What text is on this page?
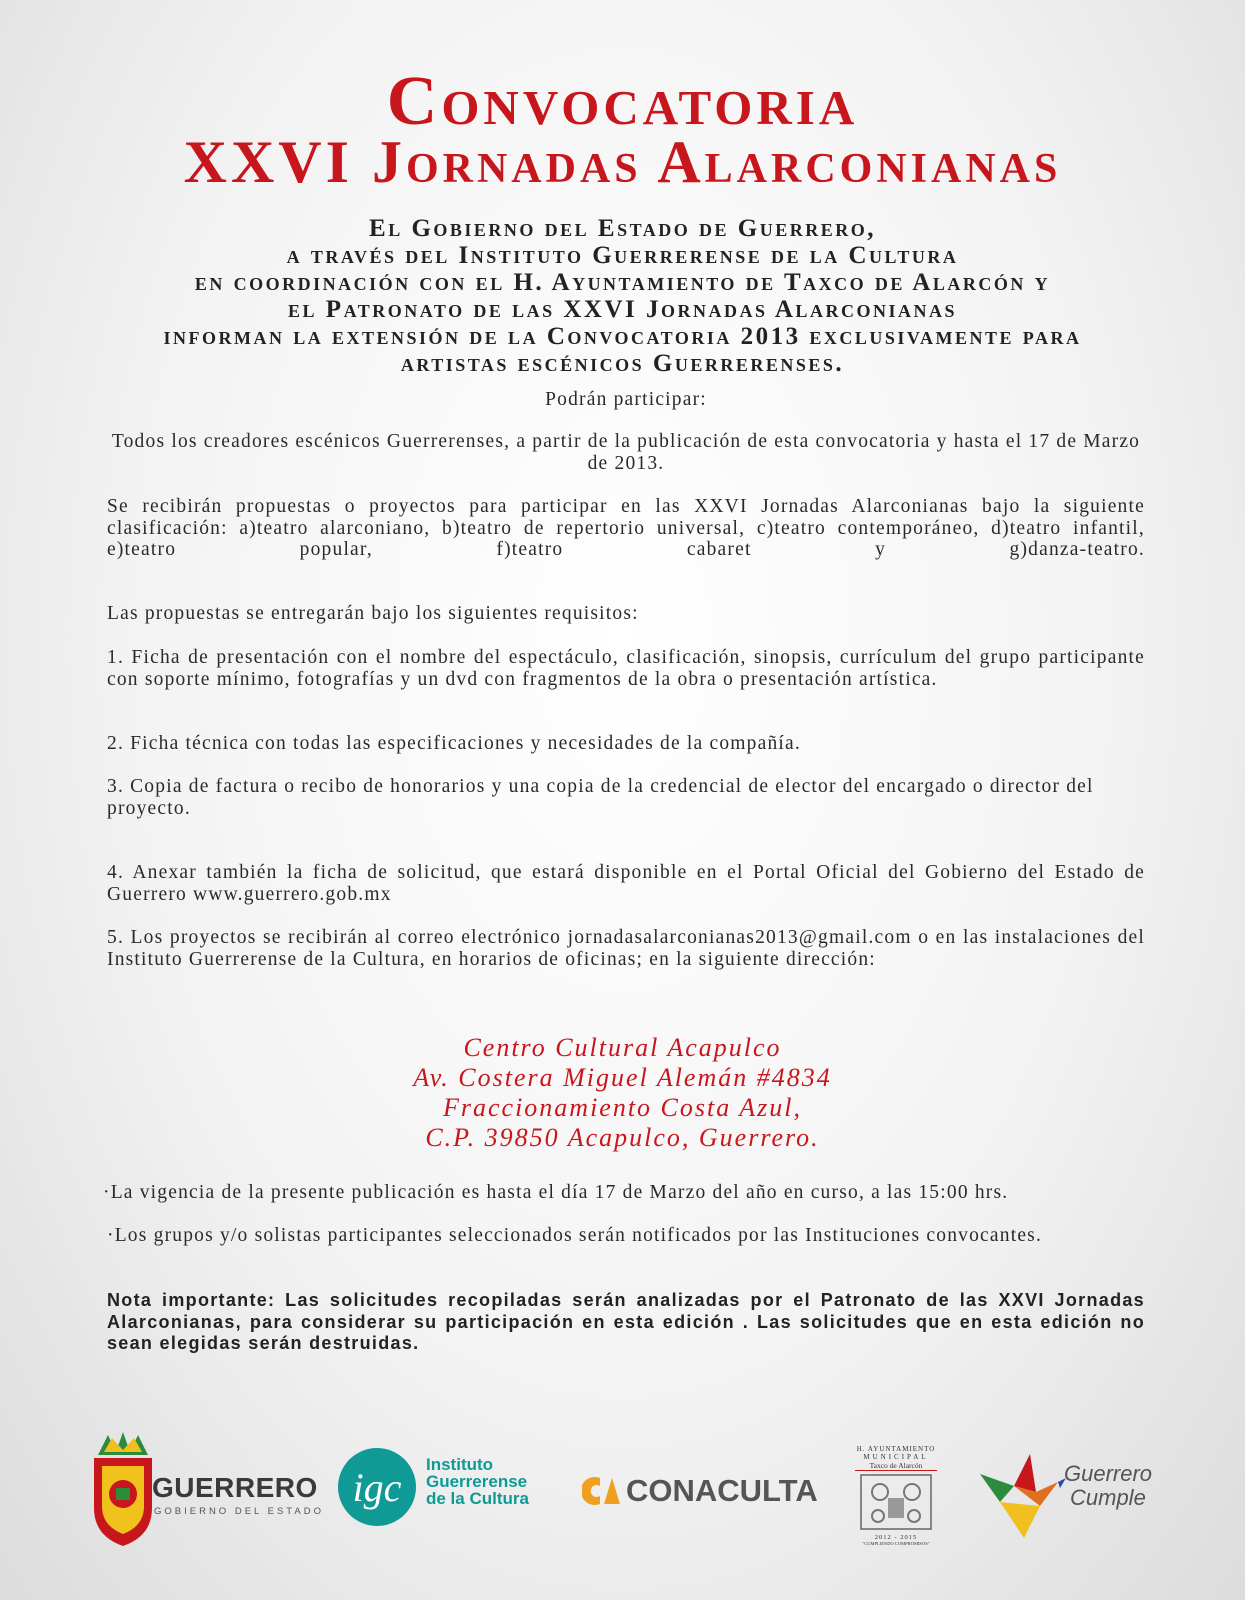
Convocatoria
XXVI Jornadas Alarconianas
El Gobierno del Estado de Guerrero,
a través del Instituto Guerrerense de la Cultura
en coordinación con el H. Ayuntamiento de Taxco de Alarcón y
el Patronato de las XXVI Jornadas Alarconianas
informan la extensión de la Convocatoria 2013 exclusivamente para
artistas escénicos Guerrerenses.
Podrán participar:
Todos los creadores escénicos Guerrerenses, a partir de la publicación de esta convocatoria y hasta el 17 de Marzo de 2013.
Se recibirán propuestas o proyectos para participar en las XXVI Jornadas Alarconianas bajo la siguiente clasificación: a)teatro alarconiano, b)teatro de repertorio universal, c)teatro contemporáneo, d)teatro infantil, e)teatro popular, f)teatro cabaret y g)danza-teatro.
Las propuestas se entregarán bajo los siguientes requisitos:
1. Ficha de presentación con el nombre del espectáculo, clasificación, sinopsis, currículum del grupo participante con soporte mínimo, fotografías y un dvd con fragmentos de la obra o presentación artística.
2. Ficha técnica con todas las especificaciones y necesidades de la compañía.
3. Copia de factura o recibo de honorarios y una copia de la credencial de elector del encargado o director del
proyecto.
4. Anexar también la ficha de solicitud, que estará disponible en el Portal Oficial del Gobierno del Estado de Guerrero www.guerrero.gob.mx
5. Los proyectos se recibirán al correo electrónico jornadasalarconianas2013@gmail.com o en las instalaciones del Instituto Guerrerense de la Cultura, en horarios de oficinas; en la siguiente dirección:
Centro Cultural Acapulco
Av. Costera Miguel Alemán #4834
Fraccionamiento Costa Azul,
C.P. 39850 Acapulco, Guerrero.
·La vigencia de la presente publicación es hasta el día 17 de Marzo del año en curso, a las 15:00 hrs.
·Los grupos y/o solistas participantes seleccionados serán notificados por las Instituciones convocantes.
Nota importante: Las solicitudes recopiladas serán analizadas por el Patronato de las XXVI Jornadas Alarconianas, para considerar su participación en esta edición . Las solicitudes que en esta edición no sean elegidas serán destruidas.
GUERRERO
GOBIERNO DEL ESTADO
igc
Instituto
Guerrerense
de la Cultura	CONACULTA
H. AYUNTAMIENTO
MUNICIPAL
Taxco de Alarcón
2012 - 2015
"CUMPLIENDO COMPROMISOS"
Guerrero
Cumple
